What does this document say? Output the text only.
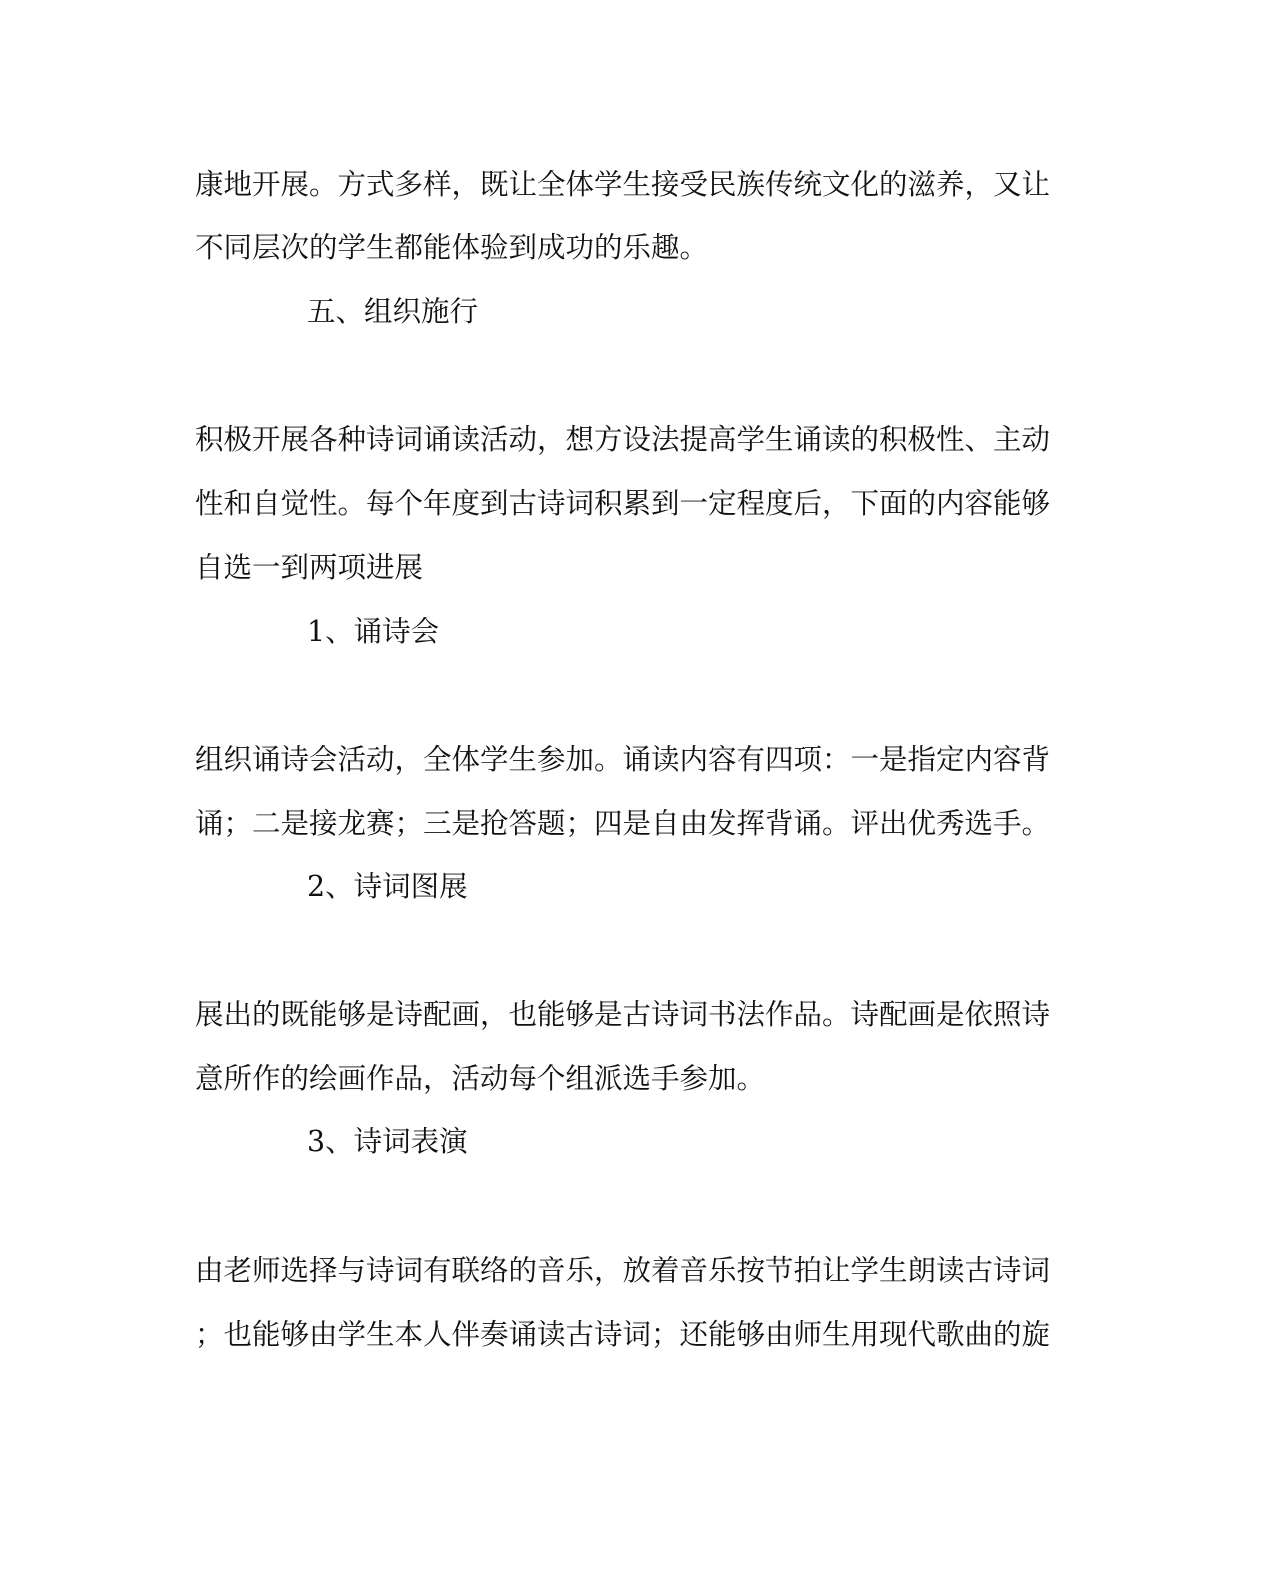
康地开展。方式多样，既让全体学生接受民族传统文化的滋养，又让
不同层次的学生都能体验到成功的乐趣。
五、组织施行
积极开展各种诗词诵读活动，想方设法提高学生诵读的积极性、主动
性和自觉性。每个年度到古诗词积累到一定程度后，下面的内容能够
自选一到两项进展
1、诵诗会
组织诵诗会活动，全体学生参加。诵读内容有四项：一是指定内容背
诵；二是接龙赛；三是抢答题；四是自由发挥背诵。评出优秀选手。
2、诗词图展
展出的既能够是诗配画，也能够是古诗词书法作品。诗配画是依照诗
意所作的绘画作品，活动每个组派选手参加。
3、诗词表演
由老师选择与诗词有联络的音乐，放着音乐按节拍让学生朗读古诗词
；也能够由学生本人伴奏诵读古诗词；还能够由师生用现代歌曲的旋
